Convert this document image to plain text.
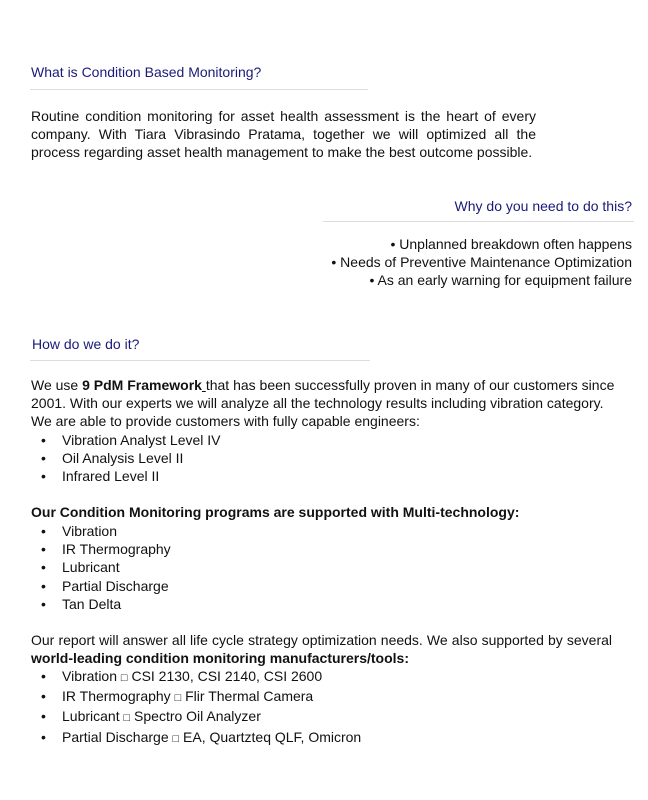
What is Condition Based Monitoring?
Routine condition monitoring for asset health assessment is the heart of every company. With Tiara Vibrasindo Pratama, together we will optimized all the process regarding asset health management to make the best outcome possible.
Why do you need to do this?
• Unplanned breakdown often happens
• Needs of Preventive Maintenance Optimization
• As an early warning for equipment failure
How do we do it?
We use 9 PdM Framework that has been successfully proven in many of our customers since 2001. With our experts we will analyze all the technology results including vibration category. We are able to provide customers with fully capable engineers:
• Vibration Analyst Level IV
• Oil Analysis Level II
• Infrared Level II
Our Condition Monitoring programs are supported with Multi-technology:
• Vibration
• IR Thermography
• Lubricant
• Partial Discharge
• Tan Delta
Our report will answer all life cycle strategy optimization needs. We also supported by several world-leading condition monitoring manufacturers/tools:
• Vibration □ CSI 2130, CSI 2140, CSI 2600
• IR Thermography □ Flir Thermal Camera
• Lubricant □ Spectro Oil Analyzer
• Partial Discharge □ EA, Quartzteq QLF, Omicron
